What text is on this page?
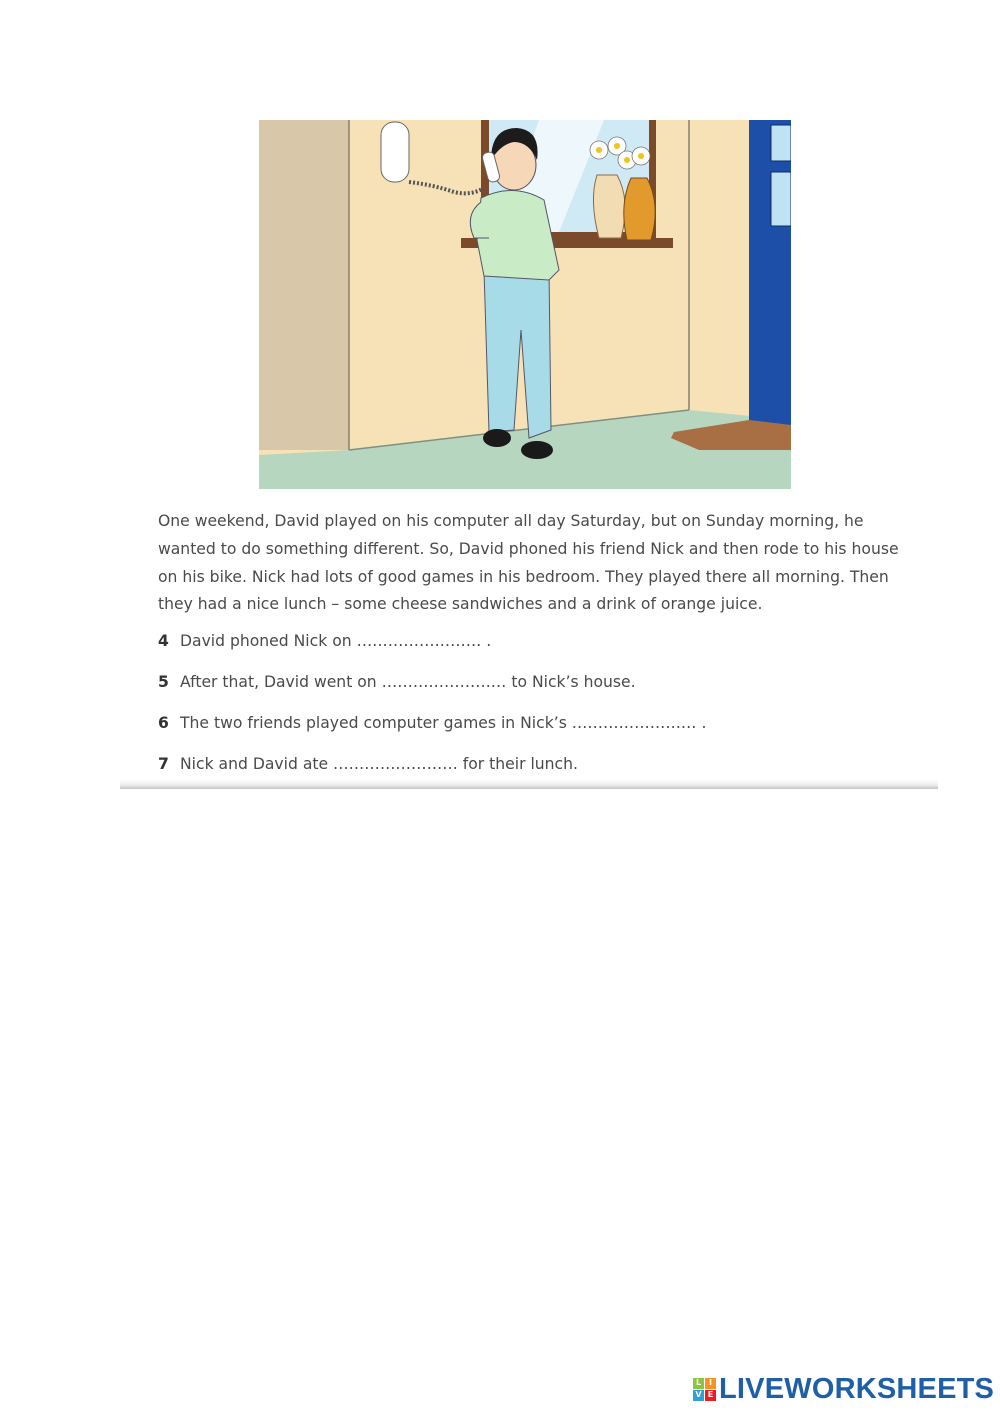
One weekend, David played on his computer all day Saturday, but on Sunday morning, he
wanted to do something different. So, David phoned his friend Nick and then rode to his house
on his bike. Nick had lots of good games in his bedroom. They played there all morning. Then
they had a nice lunch – some cheese sandwiches and a drink of orange juice.

4 David phoned Nick on …………………… .
5 After that, David went on …………………… to Nick’s house.
6 The two friends played computer games in Nick’s …………………… .
7 Nick and David ate …………………… for their lunch.
L I
V E LIVEWORKSHEETS
